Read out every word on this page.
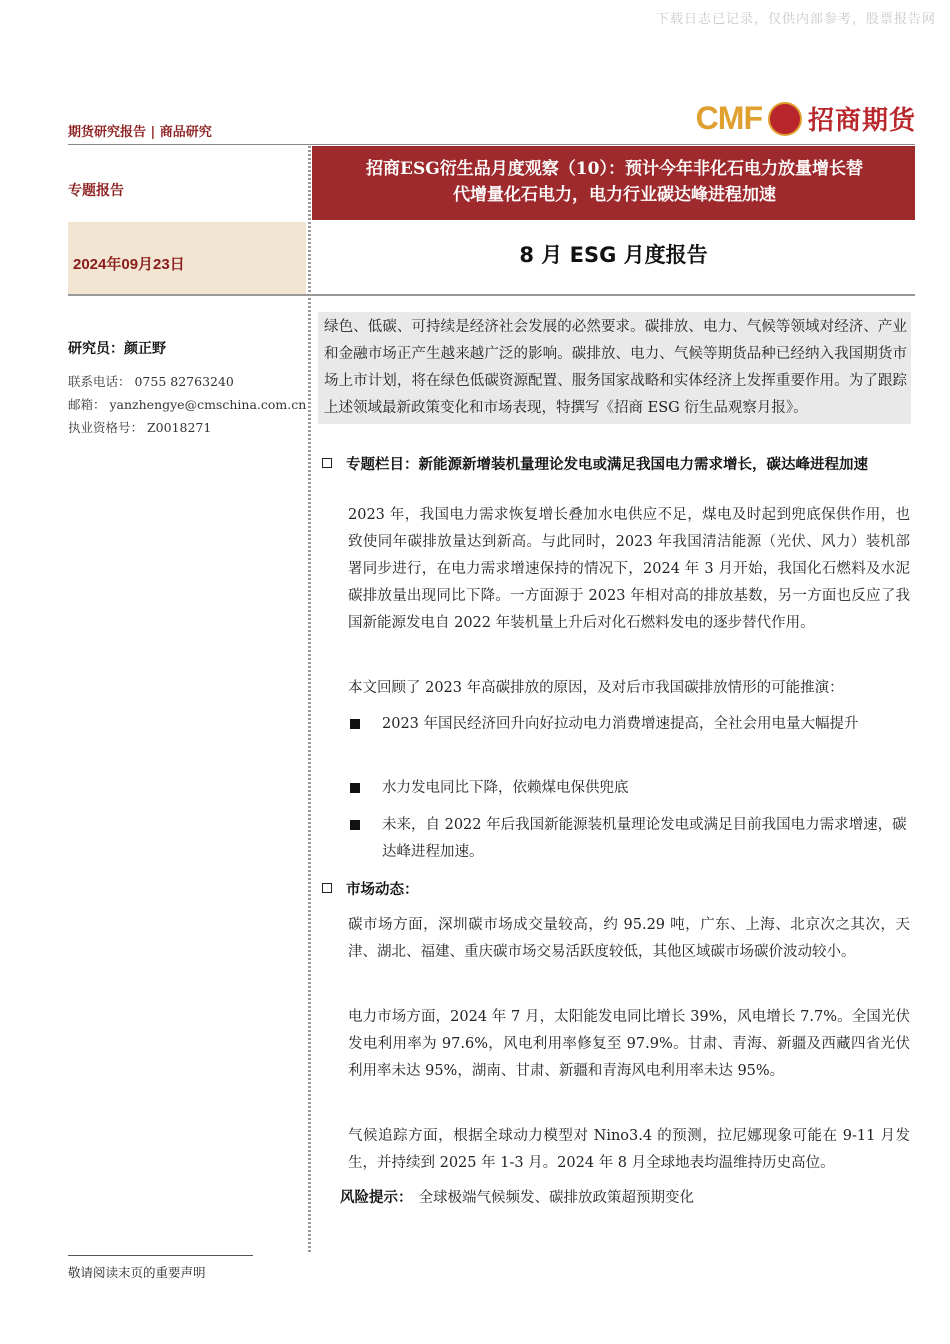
下载日志已记录，仅供内部参考，股票报告网
期货研究报告 | 商品研究	CMF 招商期货
专题报告
2024年09月23日
招商ESG衍生品月度观察（10）：预计今年非化石电力放量增长替
代增量化石电力，电力行业碳达峰进程加速
8 月 ESG 月度报告
研究员：颜正野
联系电话： 0755 82763240
邮箱： yanzhengye@cmschina.com.cn
执业资格号： Z0018271
绿色、低碳、可持续是经济社会发展的必然要求。碳排放、电力、气候等领域对经济、产业和金融市场正产生越来越广泛的影响。碳排放、电力、气候等期货品种已经纳入我国期货市场上市计划，将在绿色低碳资源配置、服务国家战略和实体经济上发挥重要作用。为了跟踪上述领域最新政策变化和市场表现，特撰写《招商 ESG 衍生品观察月报》。
专题栏目：新能源新增装机量理论发电或满足我国电力需求增长，碳达峰进程加速
2023 年，我国电力需求恢复增长叠加水电供应不足，煤电及时起到兜底保供作用，也致使同年碳排放量达到新高。与此同时，2023 年我国清洁能源（光伏、风力）装机部署同步进行，在电力需求增速保持的情况下，2024 年 3 月开始，我国化石燃料及水泥碳排放量出现同比下降。一方面源于 2023 年相对高的排放基数，另一方面也反应了我国新能源发电自 2022 年装机量上升后对化石燃料发电的逐步替代作用。
本文回顾了 2023 年高碳排放的原因，及对后市我国碳排放情形的可能推演：
2023 年国民经济回升向好拉动电力消费增速提高，全社会用电量大幅提升
水力发电同比下降，依赖煤电保供兜底
未来，自 2022 年后我国新能源装机量理论发电或满足目前我国电力需求增速，碳达峰进程加速。
市场动态：
碳市场方面，深圳碳市场成交量较高，约 95.29 吨，广东、上海、北京次之其次，天津、湖北、福建、重庆碳市场交易活跃度较低，其他区域碳市场碳价波动较小。
电力市场方面，2024 年 7 月，太阳能发电同比增长 39%，风电增长 7.7%。全国光伏发电利用率为 97.6%，风电利用率修复至 97.9%。甘肃、青海、新疆及西藏四省光伏利用率未达 95%，湖南、甘肃、新疆和青海风电利用率未达 95%。
气候追踪方面，根据全球动力模型对 Nino3.4 的预测，拉尼娜现象可能在 9-11 月发生，并持续到 2025 年 1-3 月。2024 年 8 月全球地表均温维持历史高位。
风险提示： 全球极端气候频发、碳排放政策超预期变化
敬请阅读末页的重要声明
